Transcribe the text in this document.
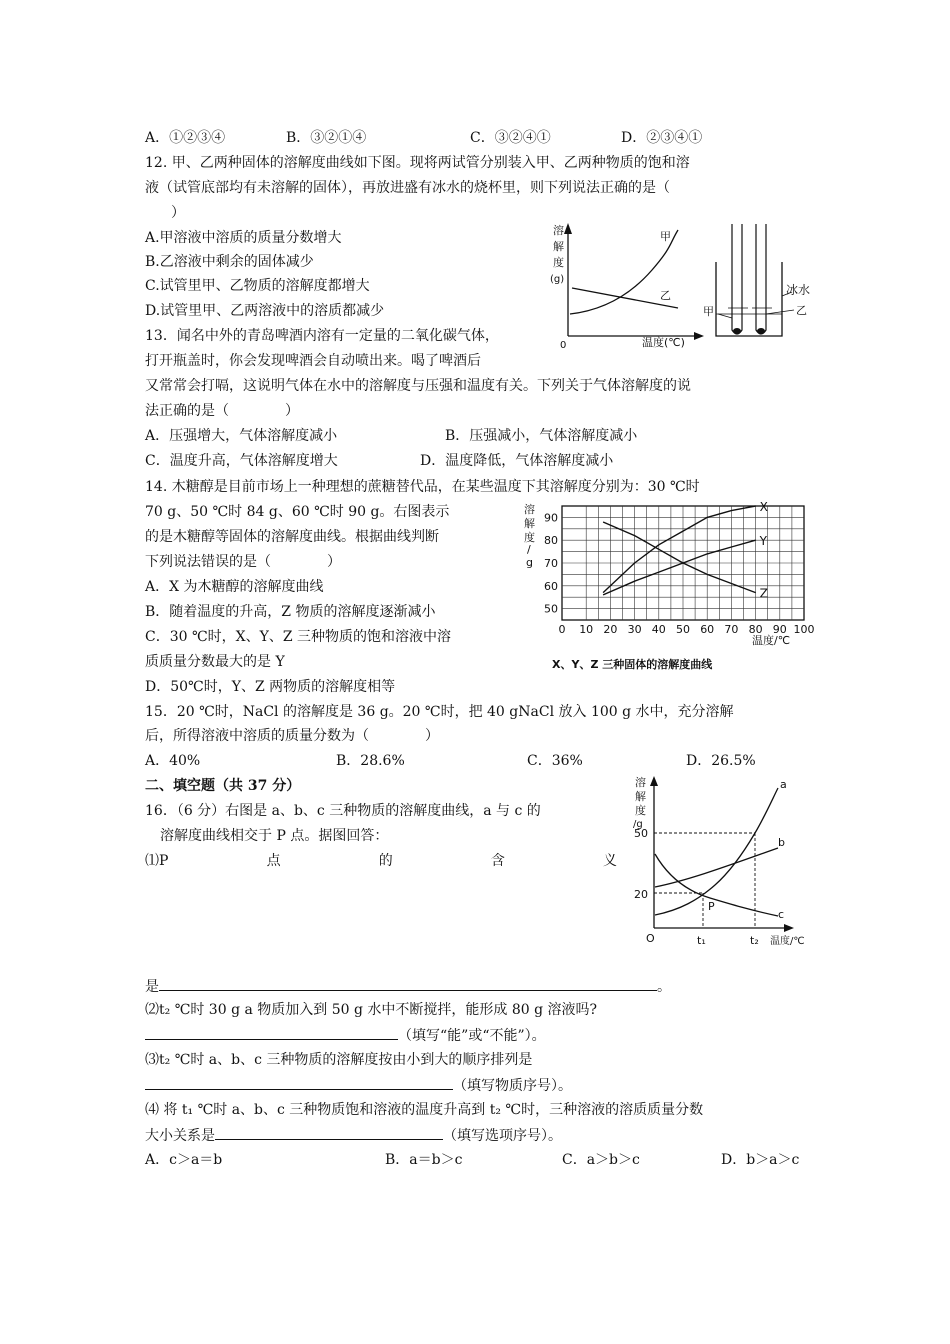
A．①②③④	B．③②①④	C．③②④①	D．②③④①
12. 甲、乙两种固体的溶解度曲线如下图。现将两试管分别装入甲、乙两种物质的饱和溶
液（试管底部均有未溶解的固体），再放进盛有冰水的烧杯里，则下列说法正确的是（
）
A.甲溶液中溶质的质量分数增大
B.乙溶液中剩余的固体减少
C.试管里甲、乙物质的溶解度都增大
D.试管里甲、乙两溶液中的溶质都减少
溶
解
度
(g)
0	温度(℃)
甲
乙	冰水
乙
甲
13．闻名中外的青岛啤酒内溶有一定量的二氧化碳气体，
打开瓶盖时，你会发现啤酒会自动喷出来。喝了啤酒后
又常常会打嗝，这说明气体在水中的溶解度与压强和温度有关。下列关于气体溶解度的说
法正确的是（　　　　）
A．压强增大，气体溶解度减小	B．压强减小，气体溶解度减小
C．温度升高，气体溶解度增大	D．温度降低，气体溶解度减小
14. 木糖醇是目前市场上一种理想的蔗糖替代品，在某些温度下其溶解度分别为：30 ℃时
70 g、50 ℃时 84 g、60 ℃时 90 g。右图表示
的是木糖醇等固体的溶解度曲线。根据曲线判断
下列说法错误的是（　　　　）
A．X 为木糖醇的溶解度曲线
B．随着温度的升高，Z 物质的溶解度逐渐减小
C．30 ℃时，X、Y、Z 三种物质的饱和溶液中溶
质质量分数最大的是 Y
D．50℃时，Y、Z 两物质的溶解度相等
溶
解
度
/
g
X
Y
Z
0 10 20 30 40 50 60 70 80 90 100
50
60
70
80
90
温度/℃
X、Y、Z 三种固体的溶解度曲线
15．20 ℃时，NaCl 的溶解度是 36 g。20 ℃时，把 40 gNaCl 放入 100 g 水中，充分溶解
后，所得溶液中溶质的质量分数为（　　　　）
A．40%	B．28.6%	C．36%	D．26.5%
二、填空题（共 37 分）
16．（6 分）右图是 a、b、c 三种物质的溶解度曲线，a 与 c 的
溶解度曲线相交于 P 点。据图回答：
⑴P	点	的	含	义
溶
解
度
/g
50
20
O	t₁	t₂ 温度/℃
a
b
c
P
是	。
⑵t₂ ℃时 30 g a 物质加入到 50 g 水中不断搅拌，能形成 80 g 溶液吗?
（填写“能”或“不能”）。
⑶t₂ ℃时 a、b、c 三种物质的溶解度按由小到大的顺序排列是
（填写物质序号）。
⑷ 将 t₁ ℃时 a、b、c 三种物质饱和溶液的温度升高到 t₂ ℃时，三种溶液的溶质质量分数
大小关系是	（填写选项序号）。
A．c＞a＝b	B．a＝b＞c	C．a＞b＞c	D．b＞a＞c
